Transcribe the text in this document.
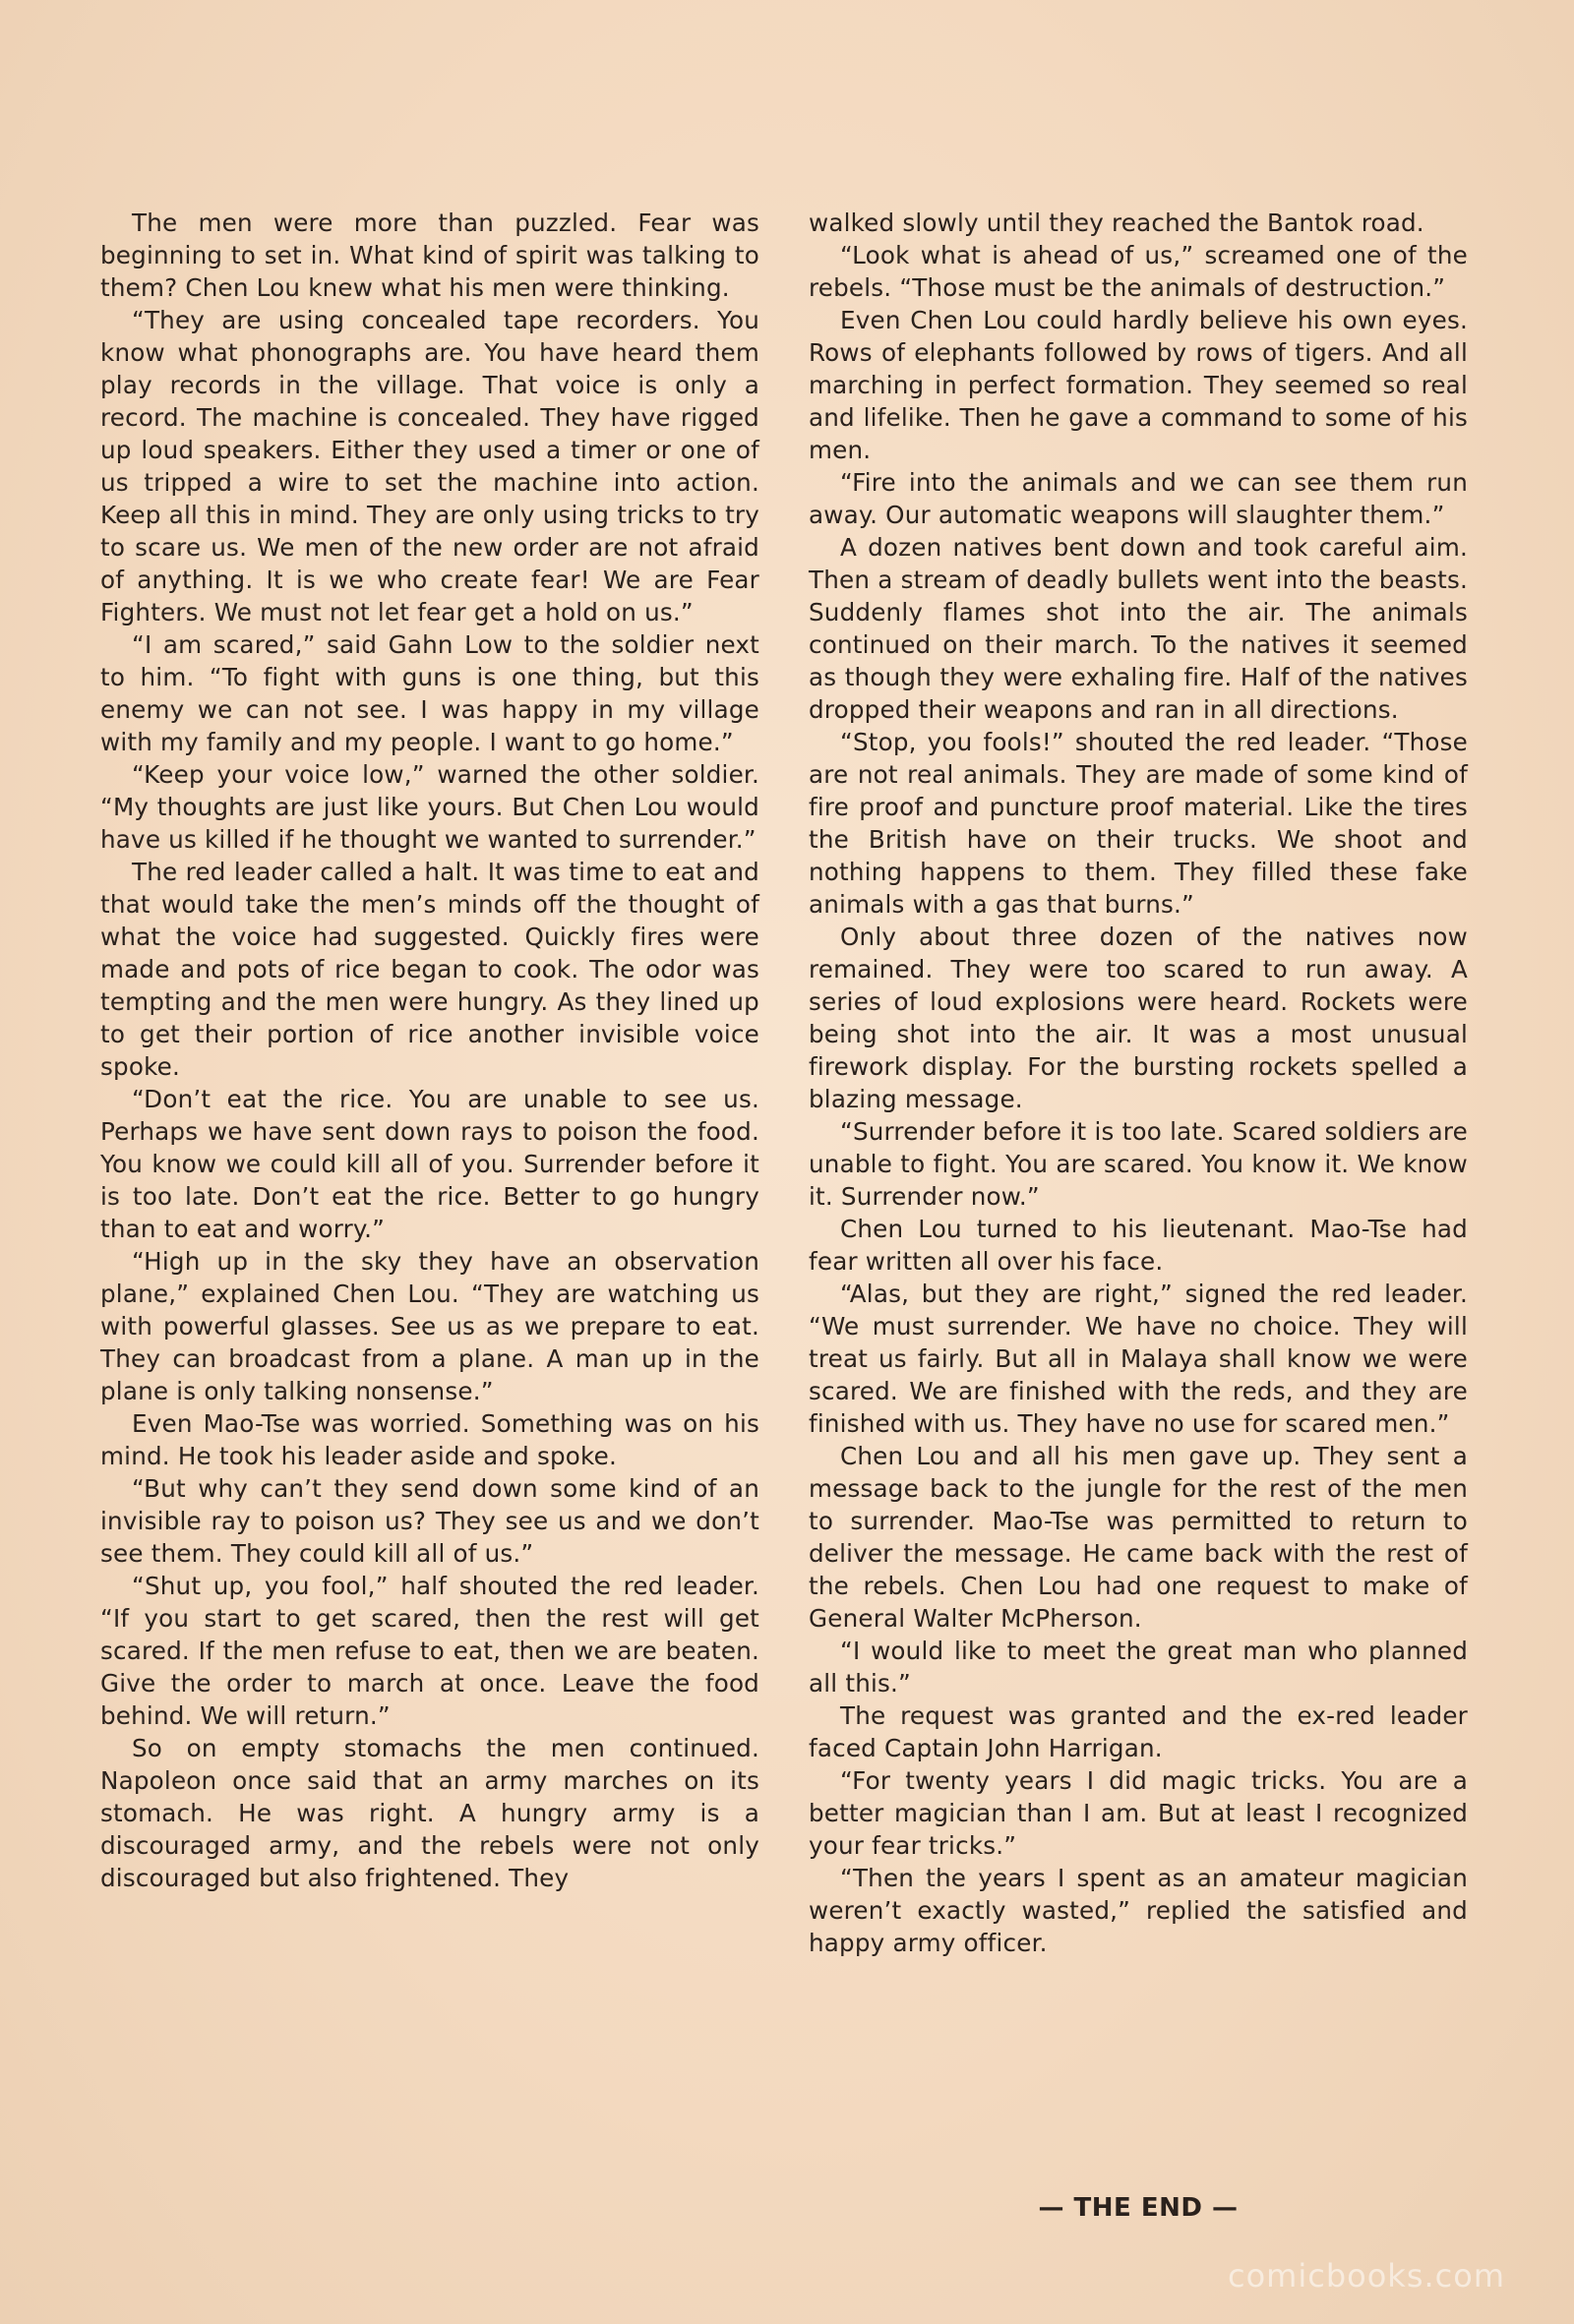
The men were more than puzzled. Fear was beginning to set in. What kind of spirit was talking to them? Chen Lou knew what his men were thinking.

“They are using concealed tape recorders. You know what phonographs are. You have heard them play records in the village. That voice is only a record. The machine is concealed. They have rigged up loud speakers. Either they used a timer or one of us tripped a wire to set the machine into action. Keep all this in mind. They are only using tricks to try to scare us. We men of the new order are not afraid of anything. It is we who create fear! We are Fear Fighters. We must not let fear get a hold on us.”

“I am scared,” said Gahn Low to the soldier next to him. “To fight with guns is one thing, but this enemy we can not see. I was happy in my village with my family and my people. I want to go home.”

“Keep your voice low,” warned the other soldier. “My thoughts are just like yours. But Chen Lou would have us killed if he thought we wanted to surrender.”

The red leader called a halt. It was time to eat and that would take the men’s minds off the thought of what the voice had suggested. Quickly fires were made and pots of rice began to cook. The odor was tempting and the men were hungry. As they lined up to get their portion of rice another invisible voice spoke.

“Don’t eat the rice. You are unable to see us. Perhaps we have sent down rays to poison the food. You know we could kill all of you. Surrender before it is too late. Don’t eat the rice. Better to go hungry than to eat and worry.”

“High up in the sky they have an observation plane,” explained Chen Lou. “They are watching us with powerful glasses. See us as we prepare to eat. They can broadcast from a plane. A man up in the plane is only talking nonsense.”

Even Mao-Tse was worried. Something was on his mind. He took his leader aside and spoke.

“But why can’t they send down some kind of an invisible ray to poison us? They see us and we don’t see them. They could kill all of us.”

“Shut up, you fool,” half shouted the red leader. “If you start to get scared, then the rest will get scared. If the men refuse to eat, then we are beaten. Give the order to march at once. Leave the food behind. We will return.”

So on empty stomachs the men continued. Napoleon once said that an army marches on its stomach. He was right. A hungry army is a discouraged army, and the rebels were not only discouraged but also frightened. They

walked slowly until they reached the Bantok road.

“Look what is ahead of us,” screamed one of the rebels. “Those must be the animals of destruction.”

Even Chen Lou could hardly believe his own eyes. Rows of elephants followed by rows of tigers. And all marching in perfect formation. They seemed so real and lifelike. Then he gave a command to some of his men.

“Fire into the animals and we can see them run away. Our automatic weapons will slaughter them.”

A dozen natives bent down and took careful aim. Then a stream of deadly bullets went into the beasts. Suddenly flames shot into the air. The animals continued on their march. To the natives it seemed as though they were exhaling fire. Half of the natives dropped their weapons and ran in all directions.

“Stop, you fools!” shouted the red leader. “Those are not real animals. They are made of some kind of fire proof and puncture proof material. Like the tires the British have on their trucks. We shoot and nothing happens to them. They filled these fake animals with a gas that burns.”

Only about three dozen of the natives now remained. They were too scared to run away. A series of loud explosions were heard. Rockets were being shot into the air. It was a most unusual firework display. For the bursting rockets spelled a blazing message.

“Surrender before it is too late. Scared soldiers are unable to fight. You are scared. You know it. We know it. Surrender now.”

Chen Lou turned to his lieutenant. Mao-Tse had fear written all over his face.

“Alas, but they are right,” signed the red leader. “We must surrender. We have no choice. They will treat us fairly. But all in Malaya shall know we were scared. We are finished with the reds, and they are finished with us. They have no use for scared men.”

Chen Lou and all his men gave up. They sent a message back to the jungle for the rest of the men to surrender. Mao-Tse was permitted to return to deliver the message. He came back with the rest of the rebels. Chen Lou had one request to make of General Walter McPherson.

“I would like to meet the great man who planned all this.”

The request was granted and the ex-red leader faced Captain John Harrigan.

“For twenty years I did magic tricks. You are a better magician than I am. But at least I recognized your fear tricks.”

“Then the years I spent as an amateur magician weren’t exactly wasted,” replied the satisfied and happy army officer.

— THE END —
comicbooks.com
